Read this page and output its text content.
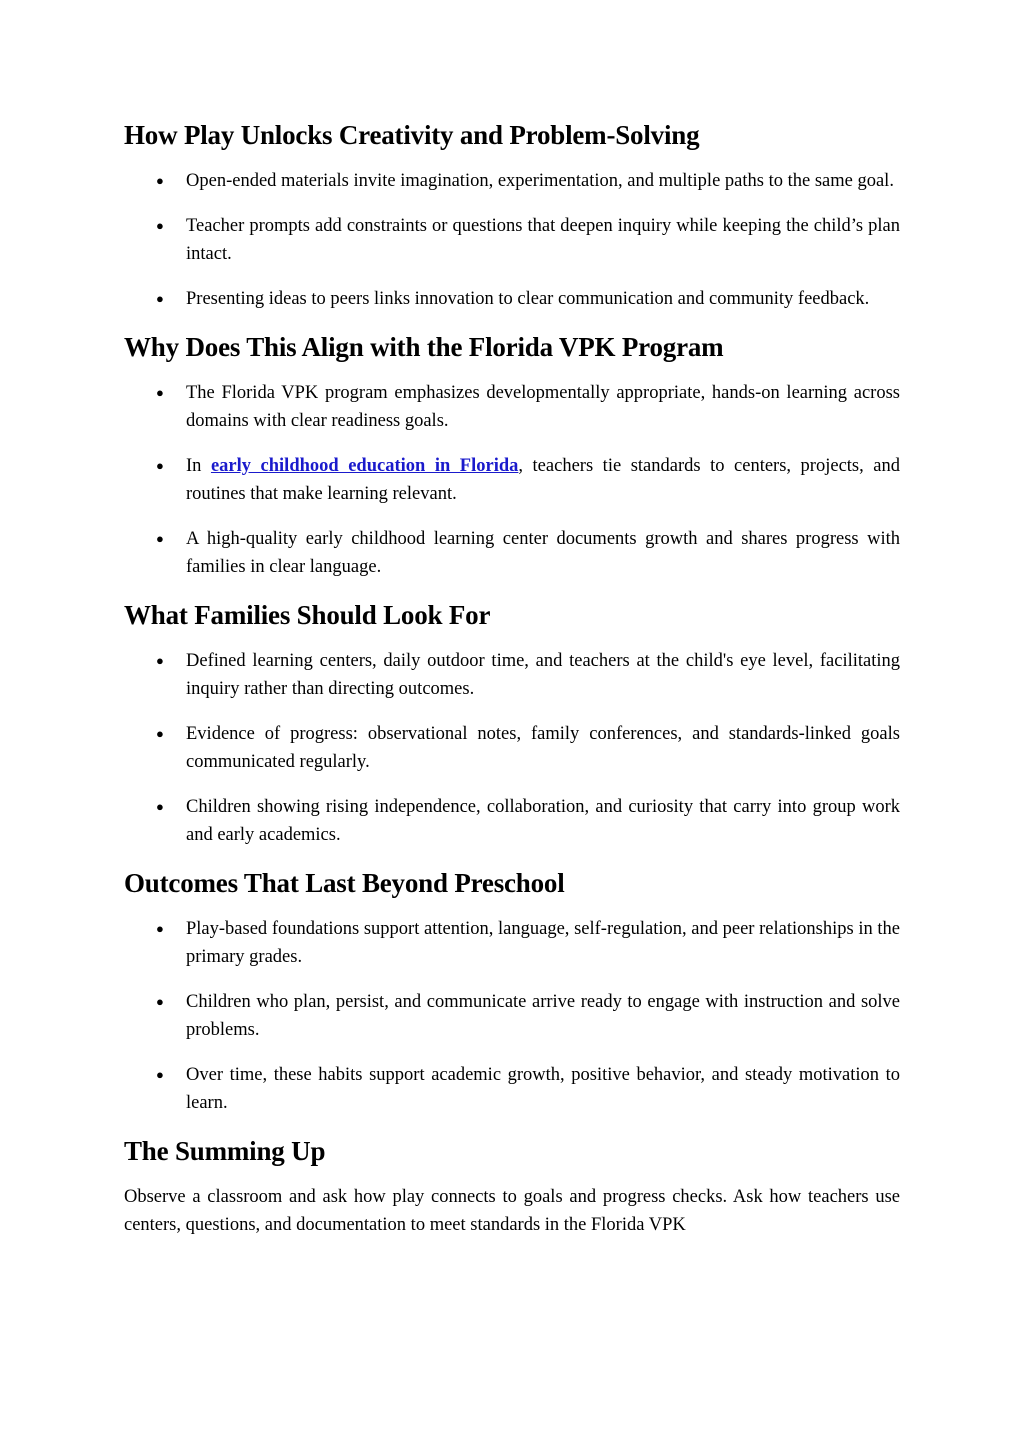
How Play Unlocks Creativity and Problem-Solving
● Open-ended materials invite imagination, experimentation, and multiple paths to the same goal.
● Teacher prompts add constraints or questions that deepen inquiry while keeping the child’s plan intact.
● Presenting ideas to peers links innovation to clear communication and community feedback.
Why Does This Align with the Florida VPK Program
● The Florida VPK program emphasizes developmentally appropriate, hands-on learning across domains with clear readiness goals.
● In early childhood education in Florida, teachers tie standards to centers, projects, and routines that make learning relevant.
● A high-quality early childhood learning center documents growth and shares progress with families in clear language.
What Families Should Look For
● Defined learning centers, daily outdoor time, and teachers at the child's eye level, facilitating inquiry rather than directing outcomes.
● Evidence of progress: observational notes, family conferences, and standards-linked goals communicated regularly.
● Children showing rising independence, collaboration, and curiosity that carry into group work and early academics.
Outcomes That Last Beyond Preschool
● Play-based foundations support attention, language, self-regulation, and peer relationships in the primary grades.
● Children who plan, persist, and communicate arrive ready to engage with instruction and solve problems.
● Over time, these habits support academic growth, positive behavior, and steady motivation to learn.
The Summing Up

Observe a classroom and ask how play connects to goals and progress checks. Ask how teachers use centers, questions, and documentation to meet standards in the Florida VPK
